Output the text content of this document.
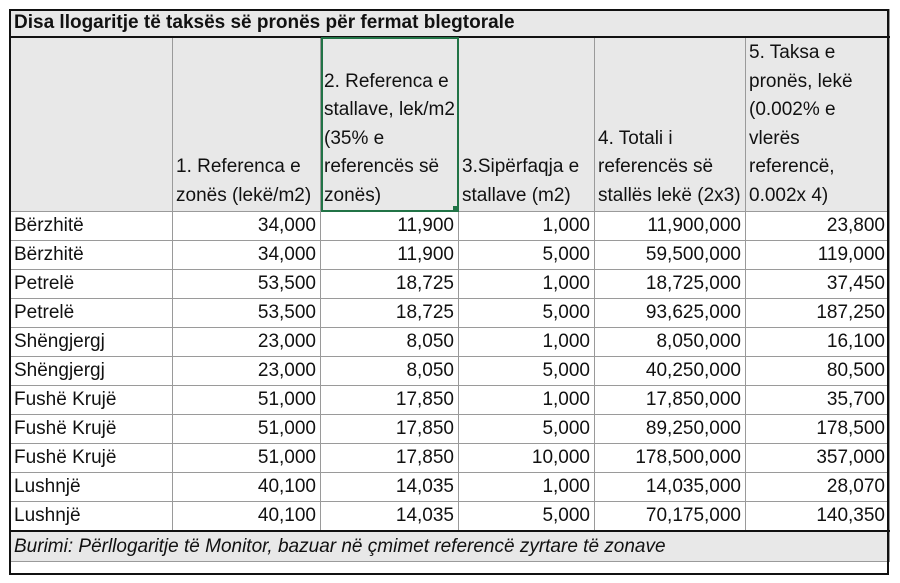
Disa llogaritje të taksës së pronës për fermat blegtorale					
	1. Referenca e zonës (lekë/m2)	2. Referenca e stallave, lek/m2 (35% e referencës së zonës)	3.Sipërfaqja e stallave (m2)	4. Totali i referencës së stallës lekë (2x3)	5. Taksa e pronës, lekë (0.002% e vlerës referencë, 0.002x 4)
Bërzhitë	34,000	11,900	1,000	11,900,000	23,800
Bërzhitë	34,000	11,900	5,000	59,500,000	119,000
Petrelë	53,500	18,725	1,000	18,725,000	37,450
Petrelë	53,500	18,725	5,000	93,625,000	187,250
Shëngjergj	23,000	8,050	1,000	8,050,000	16,100
Shëngjergj	23,000	8,050	5,000	40,250,000	80,500
Fushë Krujë	51,000	17,850	1,000	17,850,000	35,700
Fushë Krujë	51,000	17,850	5,000	89,250,000	178,500
Fushë Krujë	51,000	17,850	10,000	178,500,000	357,000
Lushnjë	40,100	14,035	1,000	14,035,000	28,070
Lushnjë	40,100	14,035	5,000	70,175,000	140,350
Burimi: Përllogaritje të Monitor, bazuar në çmimet referencë zyrtare të zonave					
